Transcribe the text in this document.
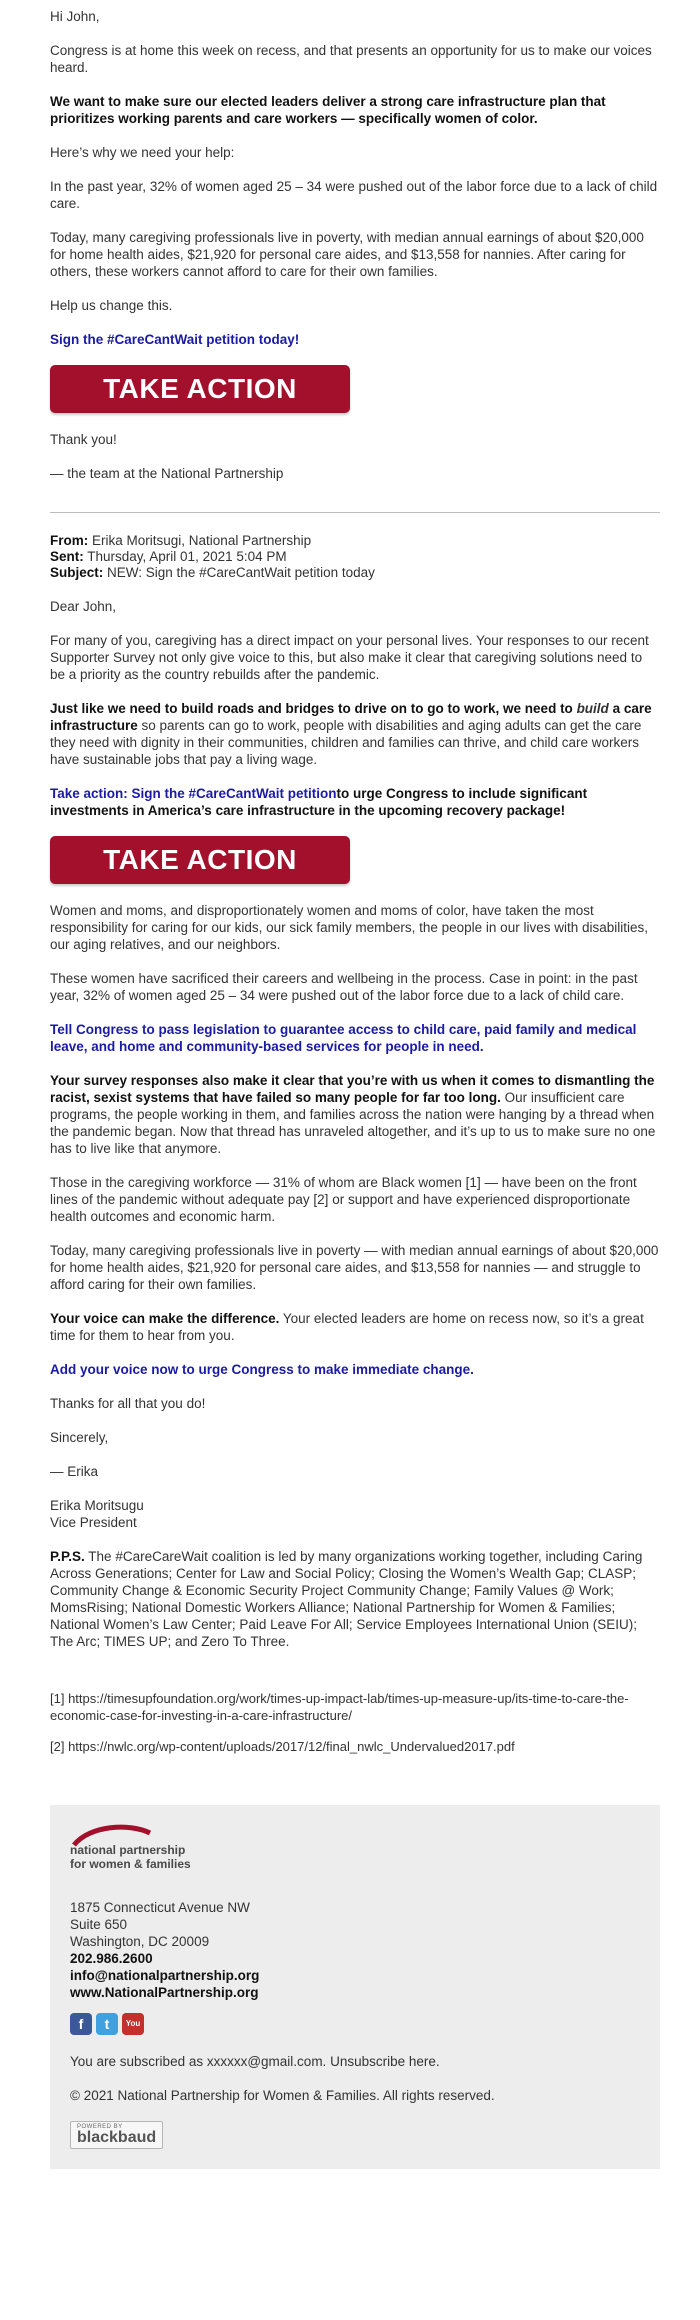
Hi John,

Congress is at home this week on recess, and that presents an opportunity for us to make our voices heard.

We want to make sure our elected leaders deliver a strong care infrastructure plan that prioritizes working parents and care workers — specifically women of color.

Here’s why we need your help:

In the past year, 32% of women aged 25 – 34 were pushed out of the labor force due to a lack of child care.

Today, many caregiving professionals live in poverty, with median annual earnings of about $20,000 for home health aides, $21,920 for personal care aides, and $13,558 for nannies. After caring for others, these workers cannot afford to care for their own families.

Help us change this.

Sign the #CareCantWait petition today!

TAKE ACTION

Thank you!

— the team at the National Partnership

From: Erika Moritsugi, National Partnership
Sent: Thursday, April 01, 2021 5:04 PM
Subject: NEW: Sign the #CareCantWait petition today

Dear John,

For many of you, caregiving has a direct impact on your personal lives. Your responses to our recent Supporter Survey not only give voice to this, but also make it clear that caregiving solutions need to be a priority as the country rebuilds after the pandemic.

Just like we need to build roads and bridges to drive on to go to work, we need to build a care infrastructure so parents can go to work, people with disabilities and aging adults can get the care they need with dignity in their communities, children and families can thrive, and child care workers have sustainable jobs that pay a living wage.

Take action: Sign the #CareCantWait petitionto urge Congress to include significant investments in America’s care infrastructure in the upcoming recovery package!

TAKE ACTION

Women and moms, and disproportionately women and moms of color, have taken the most responsibility for caring for our kids, our sick family members, the people in our lives with disabilities, our aging relatives, and our neighbors.

These women have sacrificed their careers and wellbeing in the process. Case in point: in the past year, 32% of women aged 25 – 34 were pushed out of the labor force due to a lack of child care.

Tell Congress to pass legislation to guarantee access to child care, paid family and medical leave, and home and community-based services for people in need.

Your survey responses also make it clear that you’re with us when it comes to dismantling the racist, sexist systems that have failed so many people for far too long. Our insufficient care programs, the people working in them, and families across the nation were hanging by a thread when the pandemic began. Now that thread has unraveled altogether, and it’s up to us to make sure no one has to live like that anymore.

Those in the caregiving workforce — 31% of whom are Black women [1] — have been on the front lines of the pandemic without adequate pay [2] or support and have experienced disproportionate health outcomes and economic harm.

Today, many caregiving professionals live in poverty — with median annual earnings of about $20,000 for home health aides, $21,920 for personal care aides, and $13,558 for nannies — and struggle to afford caring for their own families.

Your voice can make the difference. Your elected leaders are home on recess now, so it’s a great time for them to hear from you.

Add your voice now to urge Congress to make immediate change.

Thanks for all that you do!

Sincerely,

— Erika

Erika Moritsugu
Vice President

P.P.S. The #CareCareWait coalition is led by many organizations working together, including Caring Across Generations; Center for Law and Social Policy; Closing the Women’s Wealth Gap; CLASP; Community Change & Economic Security Project Community Change; Family Values @ Work; MomsRising; National Domestic Workers Alliance; National Partnership for Women & Families; National Women’s Law Center; Paid Leave For All; Service Employees International Union (SEIU); The Arc; TIMES UP; and Zero To Three.

[1] https://timesupfoundation.org/work/times-up-impact-lab/times-up-measure-up/its-time-to-care-the-economic-case-for-investing-in-a-care-infrastructure/
[2] https://nwlc.org/wp-content/uploads/2017/12/final_nwlc_Undervalued2017.pdf
national partnership
for women & families
1875 Connecticut Avenue NW
Suite 650
Washington, DC 20009
202.986.2600
info@nationalpartnership.org
www.NationalPartnership.org
f	t	You

You are subscribed as xxxxxx@gmail.com. Unsubscribe here.

© 2021 National Partnership for Women & Families. All rights reserved.

POWERED BY
blackbaud
